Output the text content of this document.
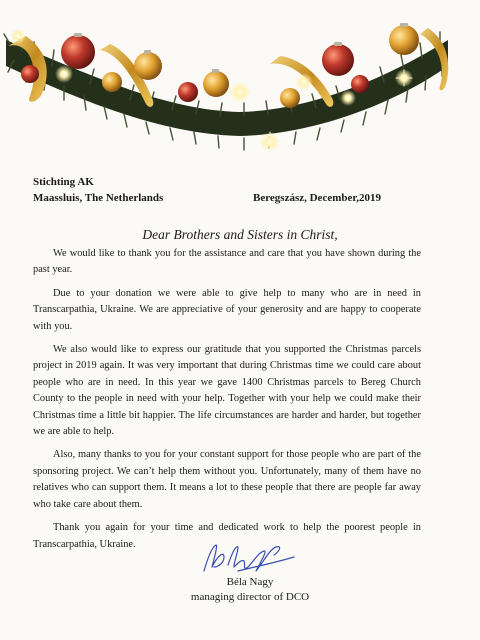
Stichting AK
Maassluis, The Netherlands	Beregszász, December,2019
Dear Brothers and Sisters in Christ,

We would like to thank you for the assistance and care that you have shown during the past year.

Due to your donation we were able to give help to many who are in need in Transcarpathia, Ukraine. We are appreciative of your generosity and are happy to cooperate with you.

We also would like to express our gratitude that you supported the Christmas parcels project in 2019 again. It was very important that during Christmas time we could care about people who are in need. In this year we gave 1400 Christmas parcels to Bereg Church County to the people in need with your help. Together with your help we could make their Christmas time a little bit happier. The life circumstances are harder and harder, but together we are able to help.

Also, many thanks to you for your constant support for those people who are part of the sponsoring project. We can’t help them without you. Unfortunately, many of them have no relatives who can support them. It means a lot to these people that there are people far away who take care about them.

Thank you again for your time and dedicated work to help the poorest people in Transcarpathia, Ukraine.

Béla Nagy
managing director of DCO
